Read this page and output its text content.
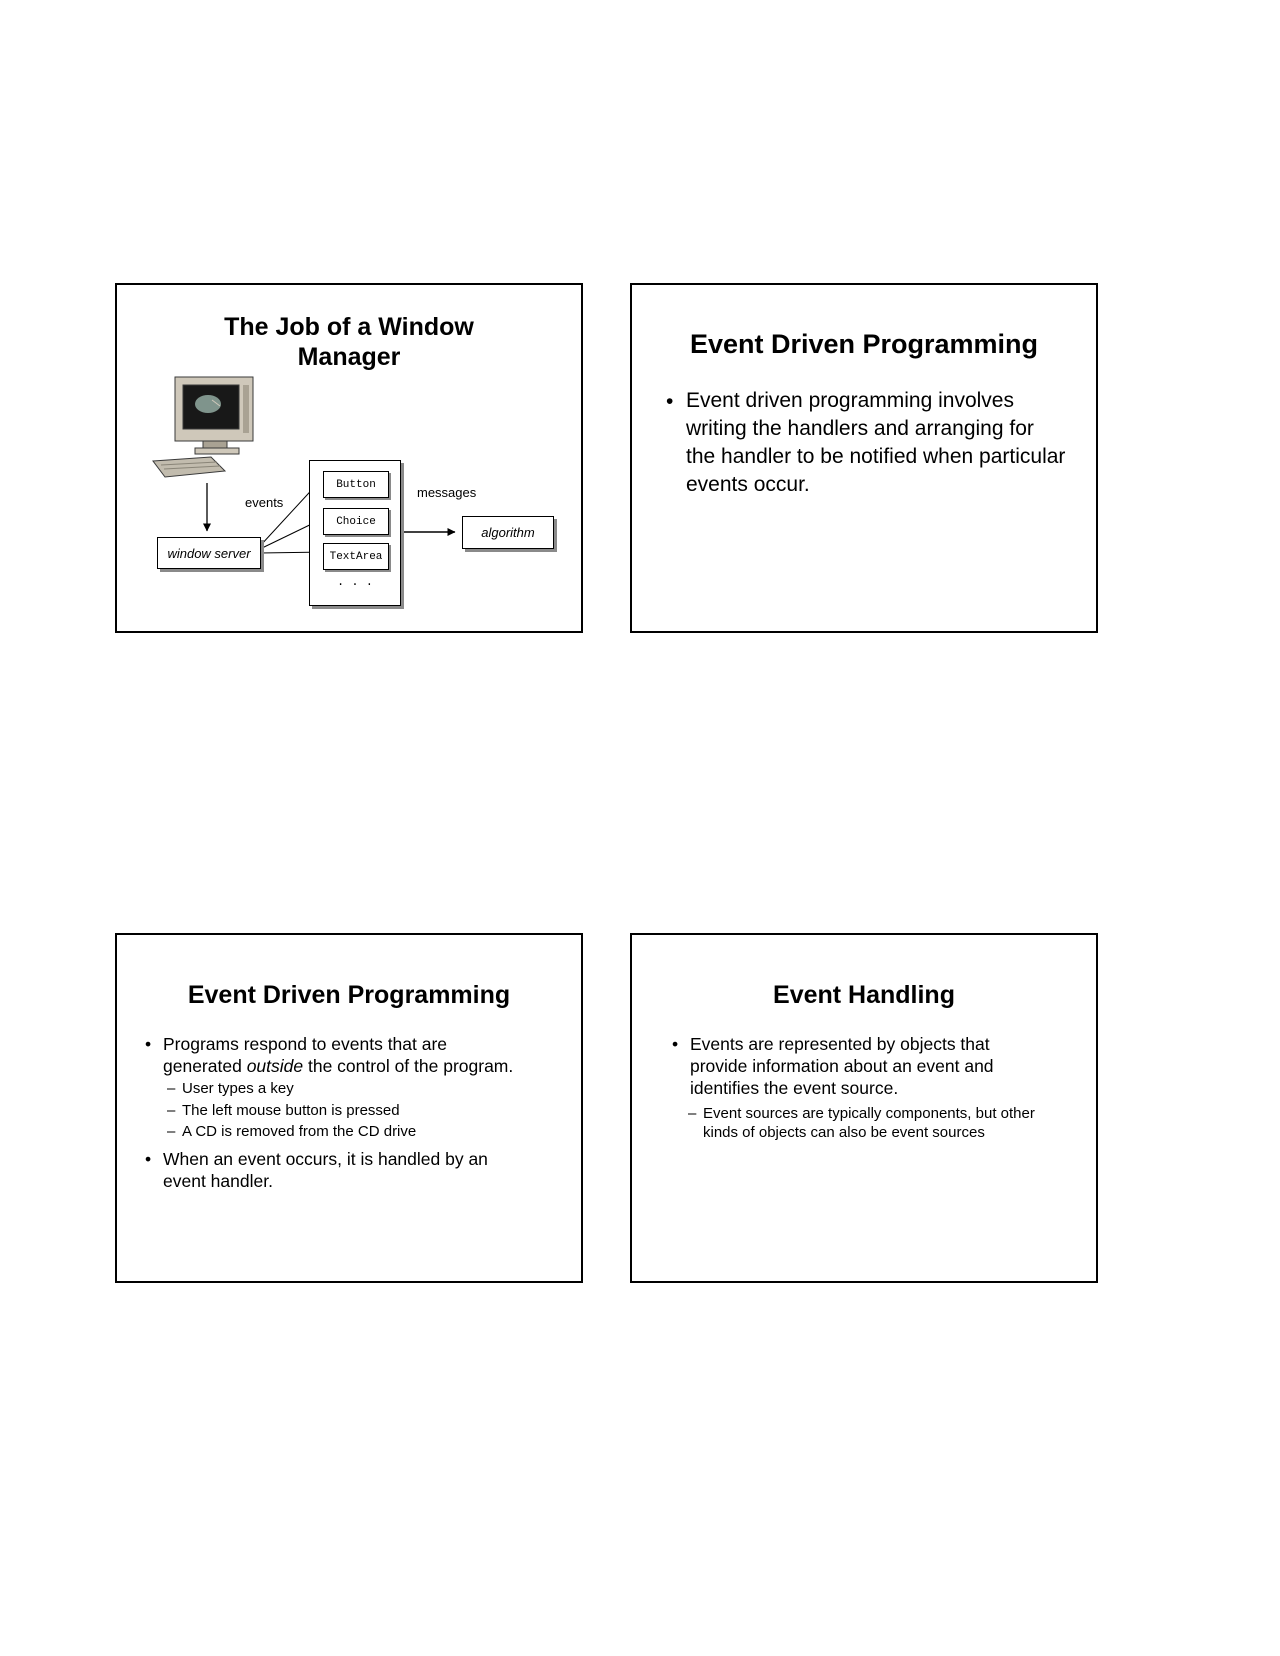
The Job of a Window
Manager
events
messages
window server
Button
Choice
TextArea
. . .
algorithm
Event Driven Programming
• Event driven programming involves writing the handlers and arranging for the handler to be notified when particular events occur.
Event Driven Programming
• Programs respond to events that are generated outside the control of the program.
– User types a key
– The left mouse button is pressed
– A CD is removed from the CD drive
• When an event occurs, it is handled by an event handler.
Event Handling
• Events are represented by objects that provide information about an event and identifies the event source.
– Event sources are typically components, but other kinds of objects can also be event sources
